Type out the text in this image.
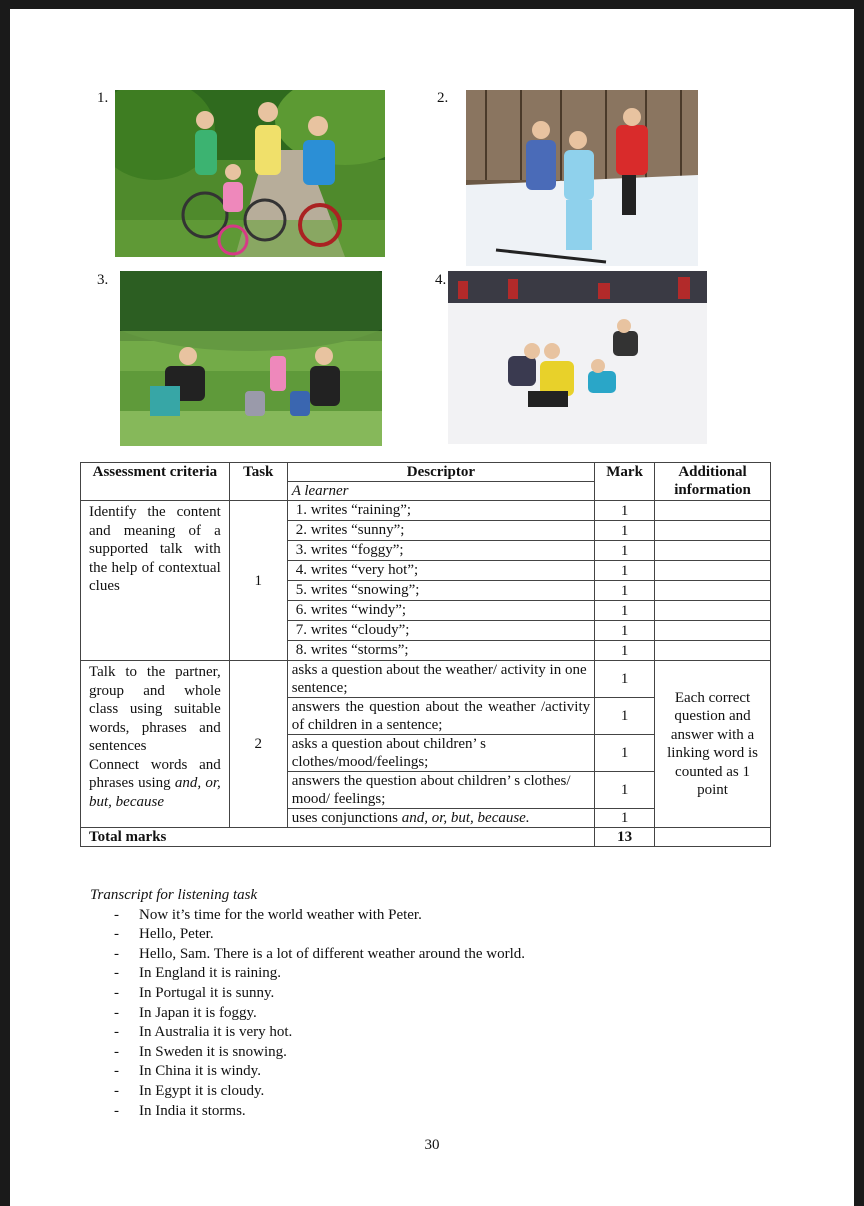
1.	2.
3.	4.
Assessment criteria	Task	Descriptor	Mark	Additional information
		A learner		
Identify the content and meaning of a supported talk with the help of contextual clues	1	1. writes “raining”;	1	
		2. writes “sunny”;	1	
		3. writes “foggy”;	1	
		4. writes “very hot”;	1	
		5. writes “snowing”;	1	
		6. writes “windy”;	1	
		7. writes “cloudy”;	1	
		8. writes “storms”;	1	
Talk to the partner, group and whole class using suitable words, phrases and sentences
Connect words and phrases using and, or, but, because	2	asks a question about the weather/ activity in one sentence;	1	Each correct question and answer with a linking word is counted as 1 point
		answers the question about the weather /activity of children in a sentence;	1	
		asks a question about children’ s clothes/mood/feelings;	1	
		answers the question about children’ s clothes/ mood/ feelings;	1	
		uses conjunctions and, or, but, because.	1	
Total marks			13	
Transcript for listening task
- Now it’s time for the world weather with Peter.
- Hello, Peter.
- Hello, Sam. There is a lot of different weather around the world.
- In England it is raining.
- In Portugal it is sunny.
- In Japan it is foggy.
- In Australia it is very hot.
- In Sweden it is snowing.
- In China it is windy.
- In Egypt it is cloudy.
- In India it storms.
30
